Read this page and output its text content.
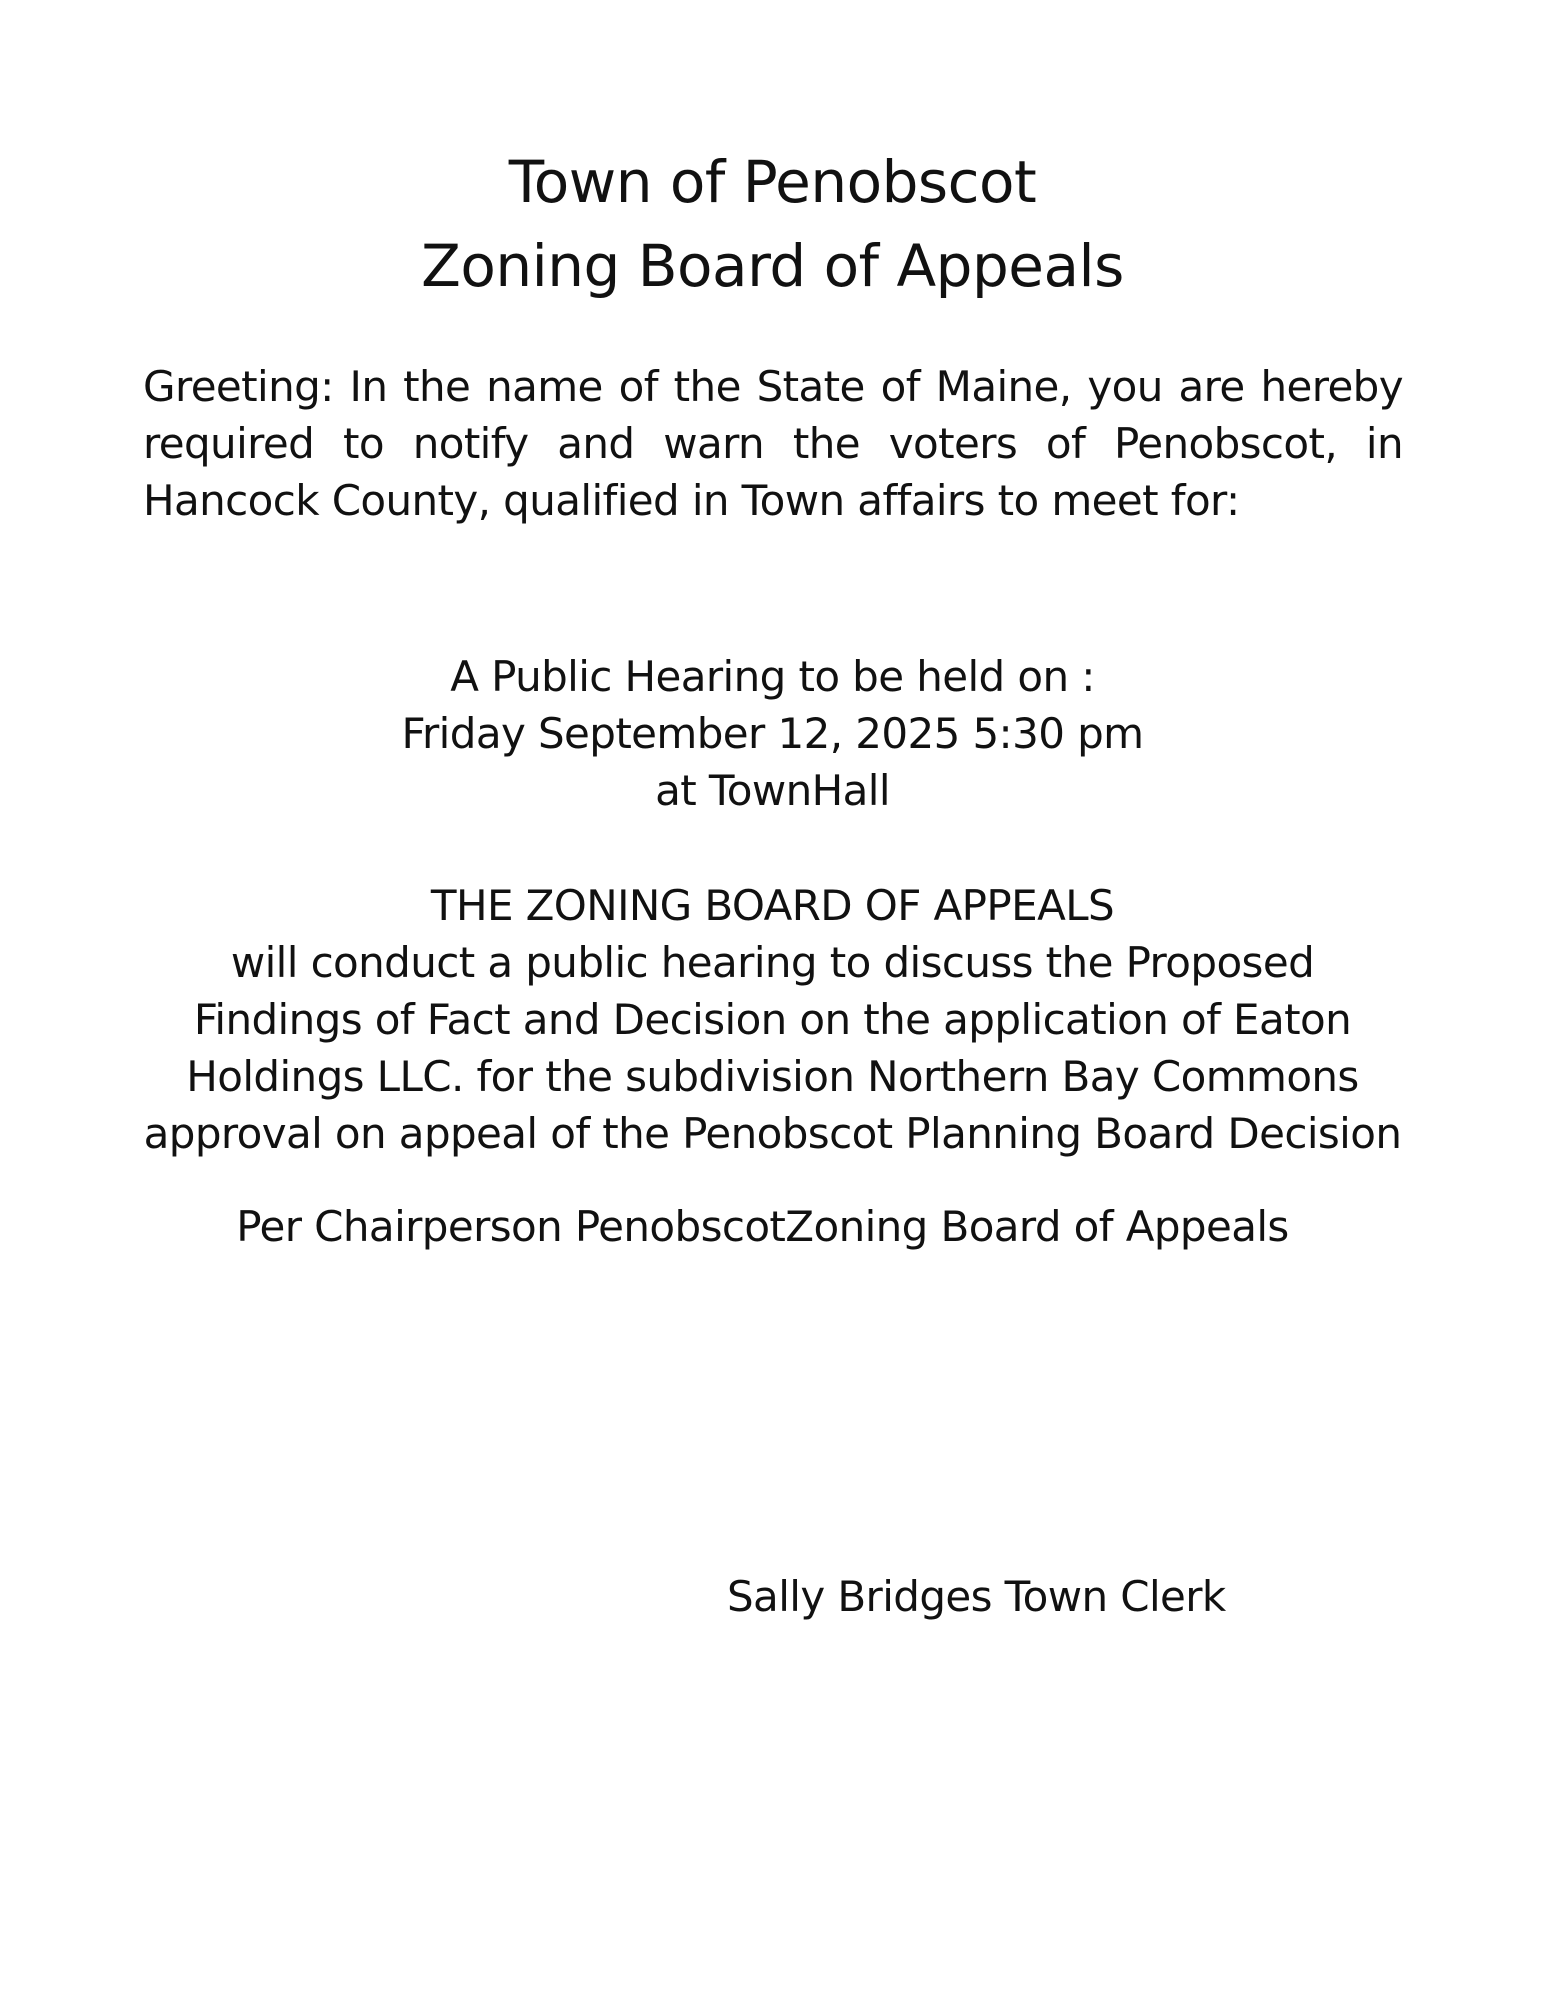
Town of Penobscot
Zoning Board of Appeals
Greeting: In the name of the State of Maine, you are hereby
required to notify and warn the voters of Penobscot, in
Hancock County, qualified in Town affairs to meet for:
A Public Hearing to be held on :
Friday September 12, 2025 5:30 pm
at TownHall
THE ZONING BOARD OF APPEALS
will conduct a public hearing to discuss the Proposed
Findings of Fact and Decision on the application of Eaton
Holdings LLC. for the subdivision Northern Bay Commons
approval on appeal of the Penobscot Planning Board Decision
Per Chairperson PenobscotZoning Board of Appeals
Sally Bridges Town Clerk
